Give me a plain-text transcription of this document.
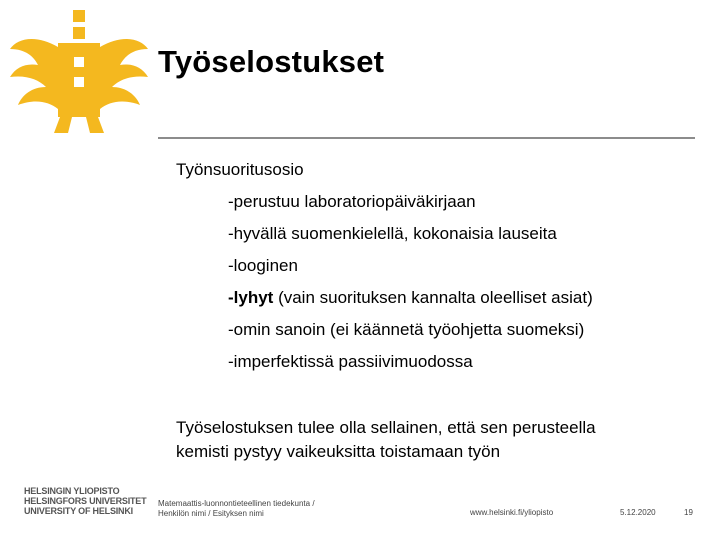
Työselostukset
Työnsuoritusosio
-perustuu laboratoriopäiväkirjaan
-hyvällä suomenkielellä, kokonaisia lauseita
-looginen
-lyhyt (vain suorituksen kannalta oleelliset asiat)
-omin sanoin (ei käännetä työohjetta suomeksi)
-imperfektissä passiivimuodossa
Työselostuksen tulee olla sellainen, että sen perusteella
kemisti pystyy vaikeuksitta toistamaan työn
HELSINGIN YLIOPISTO
HELSINGFORS UNIVERSITET
UNIVERSITY OF HELSINKI
Matemaattis-luonnontieteellinen tiedekunta /
Henkilön nimi / Esityksen nimi	www.helsinki.fi/yliopisto	5.12.2020	19
